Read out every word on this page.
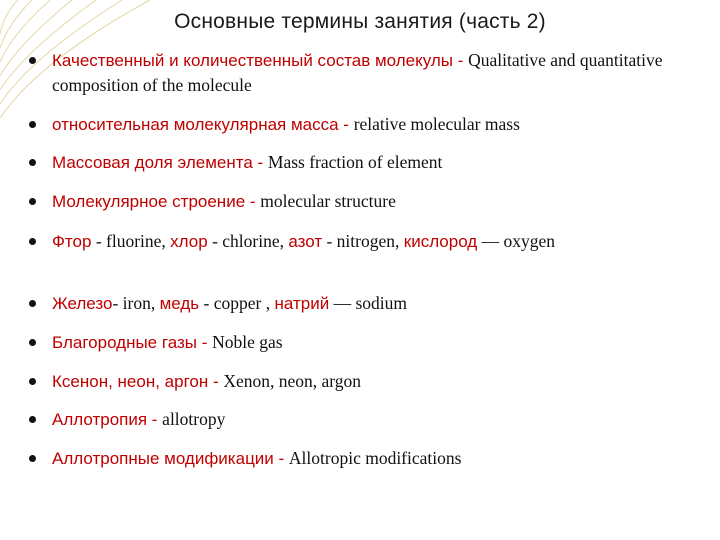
Основные термины занятия (часть 2)
Качественный и количественный состав молекулы - Qualitative and quantitative composition of the molecule
относительная молекулярная масса - relative molecular mass
Массовая доля элемента - Mass fraction of element
Молекулярное строение - molecular structure
Фтор - fluorine, хлор - chlorine, азот - nitrogen, кислород — oxygen
Железо- iron, медь - copper , натрий — sodium
Благородные газы - Noble gas
Ксенон, неон, аргон - Xenon, neon, argon
Аллотропия - allotropy
Аллотропные модификации - Allotropic modifications
